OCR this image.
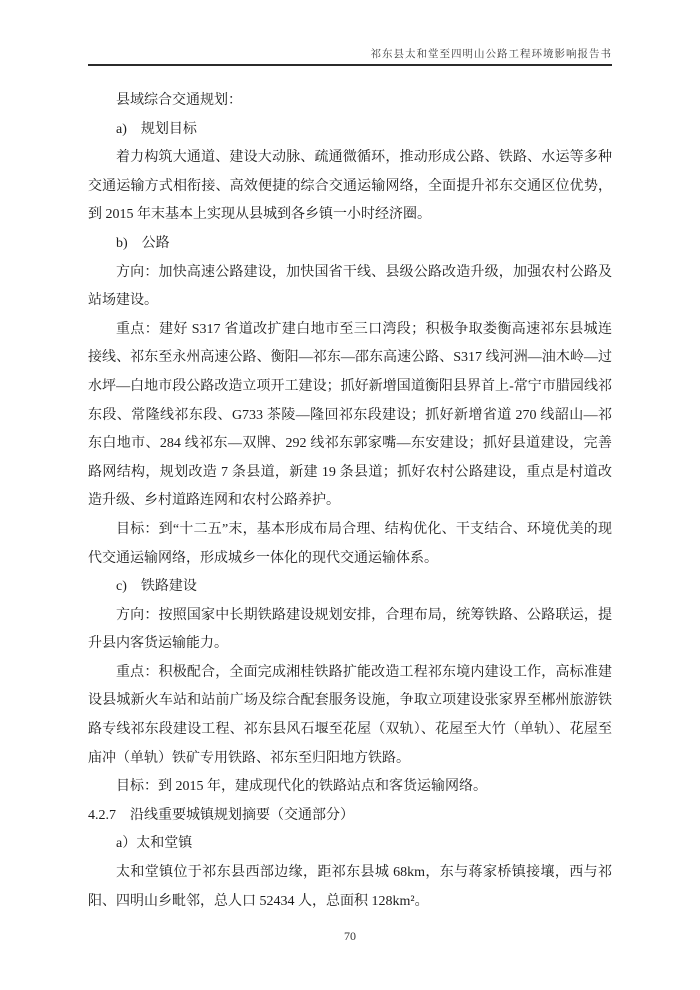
祁东县太和堂至四明山公路工程环境影响报告书

县域综合交通规划：

a)　规划目标

着力构筑大通道、建设大动脉、疏通微循环，推动形成公路、铁路、水运等多种交通运输方式相衔接、高效便捷的综合交通运输网络，全面提升祁东交通区位优势，到 2015 年末基本上实现从县城到各乡镇一小时经济圈。

b)　公路

方向：加快高速公路建设，加快国省干线、县级公路改造升级，加强农村公路及站场建设。

重点：建好 S317 省道改扩建白地市至三口湾段；积极争取娄衡高速祁东县城连接线、祁东至永州高速公路、衡阳—祁东—邵东高速公路、S317 线河洲—油木岭—过水坪—白地市段公路改造立项开工建设；抓好新增国道衡阳县界首上-常宁市腊园线祁东段、常隆线祁东段、G733 茶陵—隆回祁东段建设；抓好新增省道 270 线韶山—祁东白地市、284 线祁东—双牌、292 线祁东郭家嘴—东安建设；抓好县道建设，完善路网结构，规划改造 7 条县道，新建 19 条县道；抓好农村公路建设，重点是村道改造升级、乡村道路连网和农村公路养护。

目标：到“十二五”末，基本形成布局合理、结构优化、干支结合、环境优美的现代交通运输网络，形成城乡一体化的现代交通运输体系。

c)　铁路建设

方向：按照国家中长期铁路建设规划安排，合理布局，统筹铁路、公路联运，提升县内客货运输能力。

重点：积极配合，全面完成湘桂铁路扩能改造工程祁东境内建设工作，高标准建设县城新火车站和站前广场及综合配套服务设施，争取立项建设张家界至郴州旅游铁路专线祁东段建设工程、祁东县风石堰至花屋（双轨）、花屋至大竹（单轨）、花屋至庙冲（单轨）铁矿专用铁路、祁东至归阳地方铁路。

目标：到 2015 年，建成现代化的铁路站点和客货运输网络。

4.2.7　沿线重要城镇规划摘要（交通部分）

a）太和堂镇

太和堂镇位于祁东县西部边缘，距祁东县城 68km，东与蒋家桥镇接壤，西与祁阳、四明山乡毗邻，总人口 52434 人，总面积 128km²。

70
